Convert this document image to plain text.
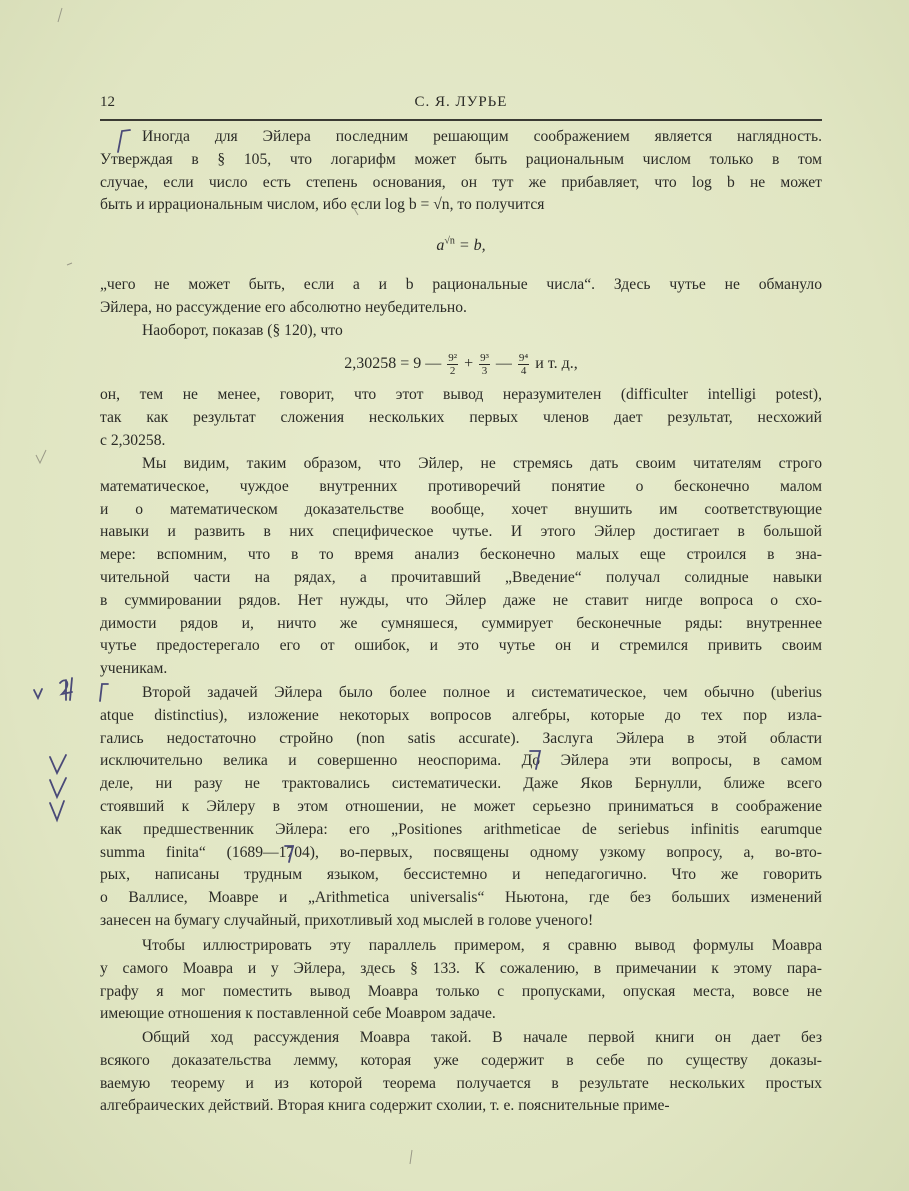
12	С. Я. ЛУРЬЕ
Иногда для Эйлера последним решающим соображением является наглядность.
Утверждая в § 105, что логарифм может быть рациональным числом только в том
случае, если число есть степень основания, он тут же прибавляет, что log b не может
быть и иррациональным числом, ибо если log b = √n, то получится
$a^{√n} = b$,
„чего не может быть, если a и b рациональные числа“. Здесь чутье не обмануло
Эйлера, но рассуждение его абсолютно неубедительно.
Наоборот, показав (§ 120), что
2,30258 = 9 — $\frac{\text{9²}}{2} + \frac{\text{9³}}{3}$ — $\frac{\text{9⁴}}{4}$ и т. д.,
он, тем не менее, говорит, что этот вывод неразумителен (difficulter intelligi potest),
так как результат сложения нескольких первых членов дает результат, несхожий
с 2,30258.
Мы видим, таким образом, что Эйлер, не стремясь дать своим читателям строго
математическое, чуждое внутренних противоречий понятие о бесконечно малом
и о математическом доказательстве вообще, хочет внушить им соответствующие
навыки и развить в них специфическое чутье. И этого Эйлер достигает в большой
мере: вспомним, что в то время анализ бесконечно малых еще строился в зна-
чительной части на рядах, а прочитавший „Введение“ получал солидные навыки
в суммировании рядов. Нет нужды, что Эйлер даже не ставит нигде вопроса о схо-
димости рядов и, ничто же сумняшеся, суммирует бесконечные ряды: внутреннее
чутье предостерегало его от ошибок, и это чутье он и стремился привить своим
ученикам.
Второй задачей Эйлера было более полное и систематическое, чем обычно (uberius
atque distinctius), изложение некоторых вопросов алгебры, которые до тех пор изла-
гались недостаточно стройно (non satis accurate). Заслуга Эйлера в этой области
исключительно велика и совершенно неоспорима. До Эйлера эти вопросы, в самом
деле, ни разу не трактовались систематически. Даже Яков Бернулли, ближе всего
стоявший к Эйлеру в этом отношении, не может серьезно приниматься в соображение
как предшественник Эйлера: его „Positiones arithmeticae de seriebus infinitis earumque
summa finita“ (1689—1704), во-первых, посвящены одному узкому вопросу, а, во-вто-
рых, написаны трудным языком, бессистемно и непедагогично. Что же говорить
о Валлисе, Моавре и „Arithmetica universalis“ Ньютона, где без больших изменений
занесен на бумагу случайный, прихотливый ход мыслей в голове ученого!
Чтобы иллюстрировать эту параллель примером, я сравню вывод формулы Моавра
у самого Моавра и у Эйлера, здесь § 133. К сожалению, в примечании к этому пара-
графу я мог поместить вывод Моавра только с пропусками, опуская места, вовсе не
имеющие отношения к поставленной себе Моавром задаче.
Общий ход рассуждения Моавра такой. В начале первой книги он дает без
всякого доказательства лемму, которая уже содержит в себе по существу доказы-
ваемую теорему и из которой теорема получается в результате нескольких простых
алгебраических действий. Вторая книга содержит схолии, т. е. пояснительные приме-
